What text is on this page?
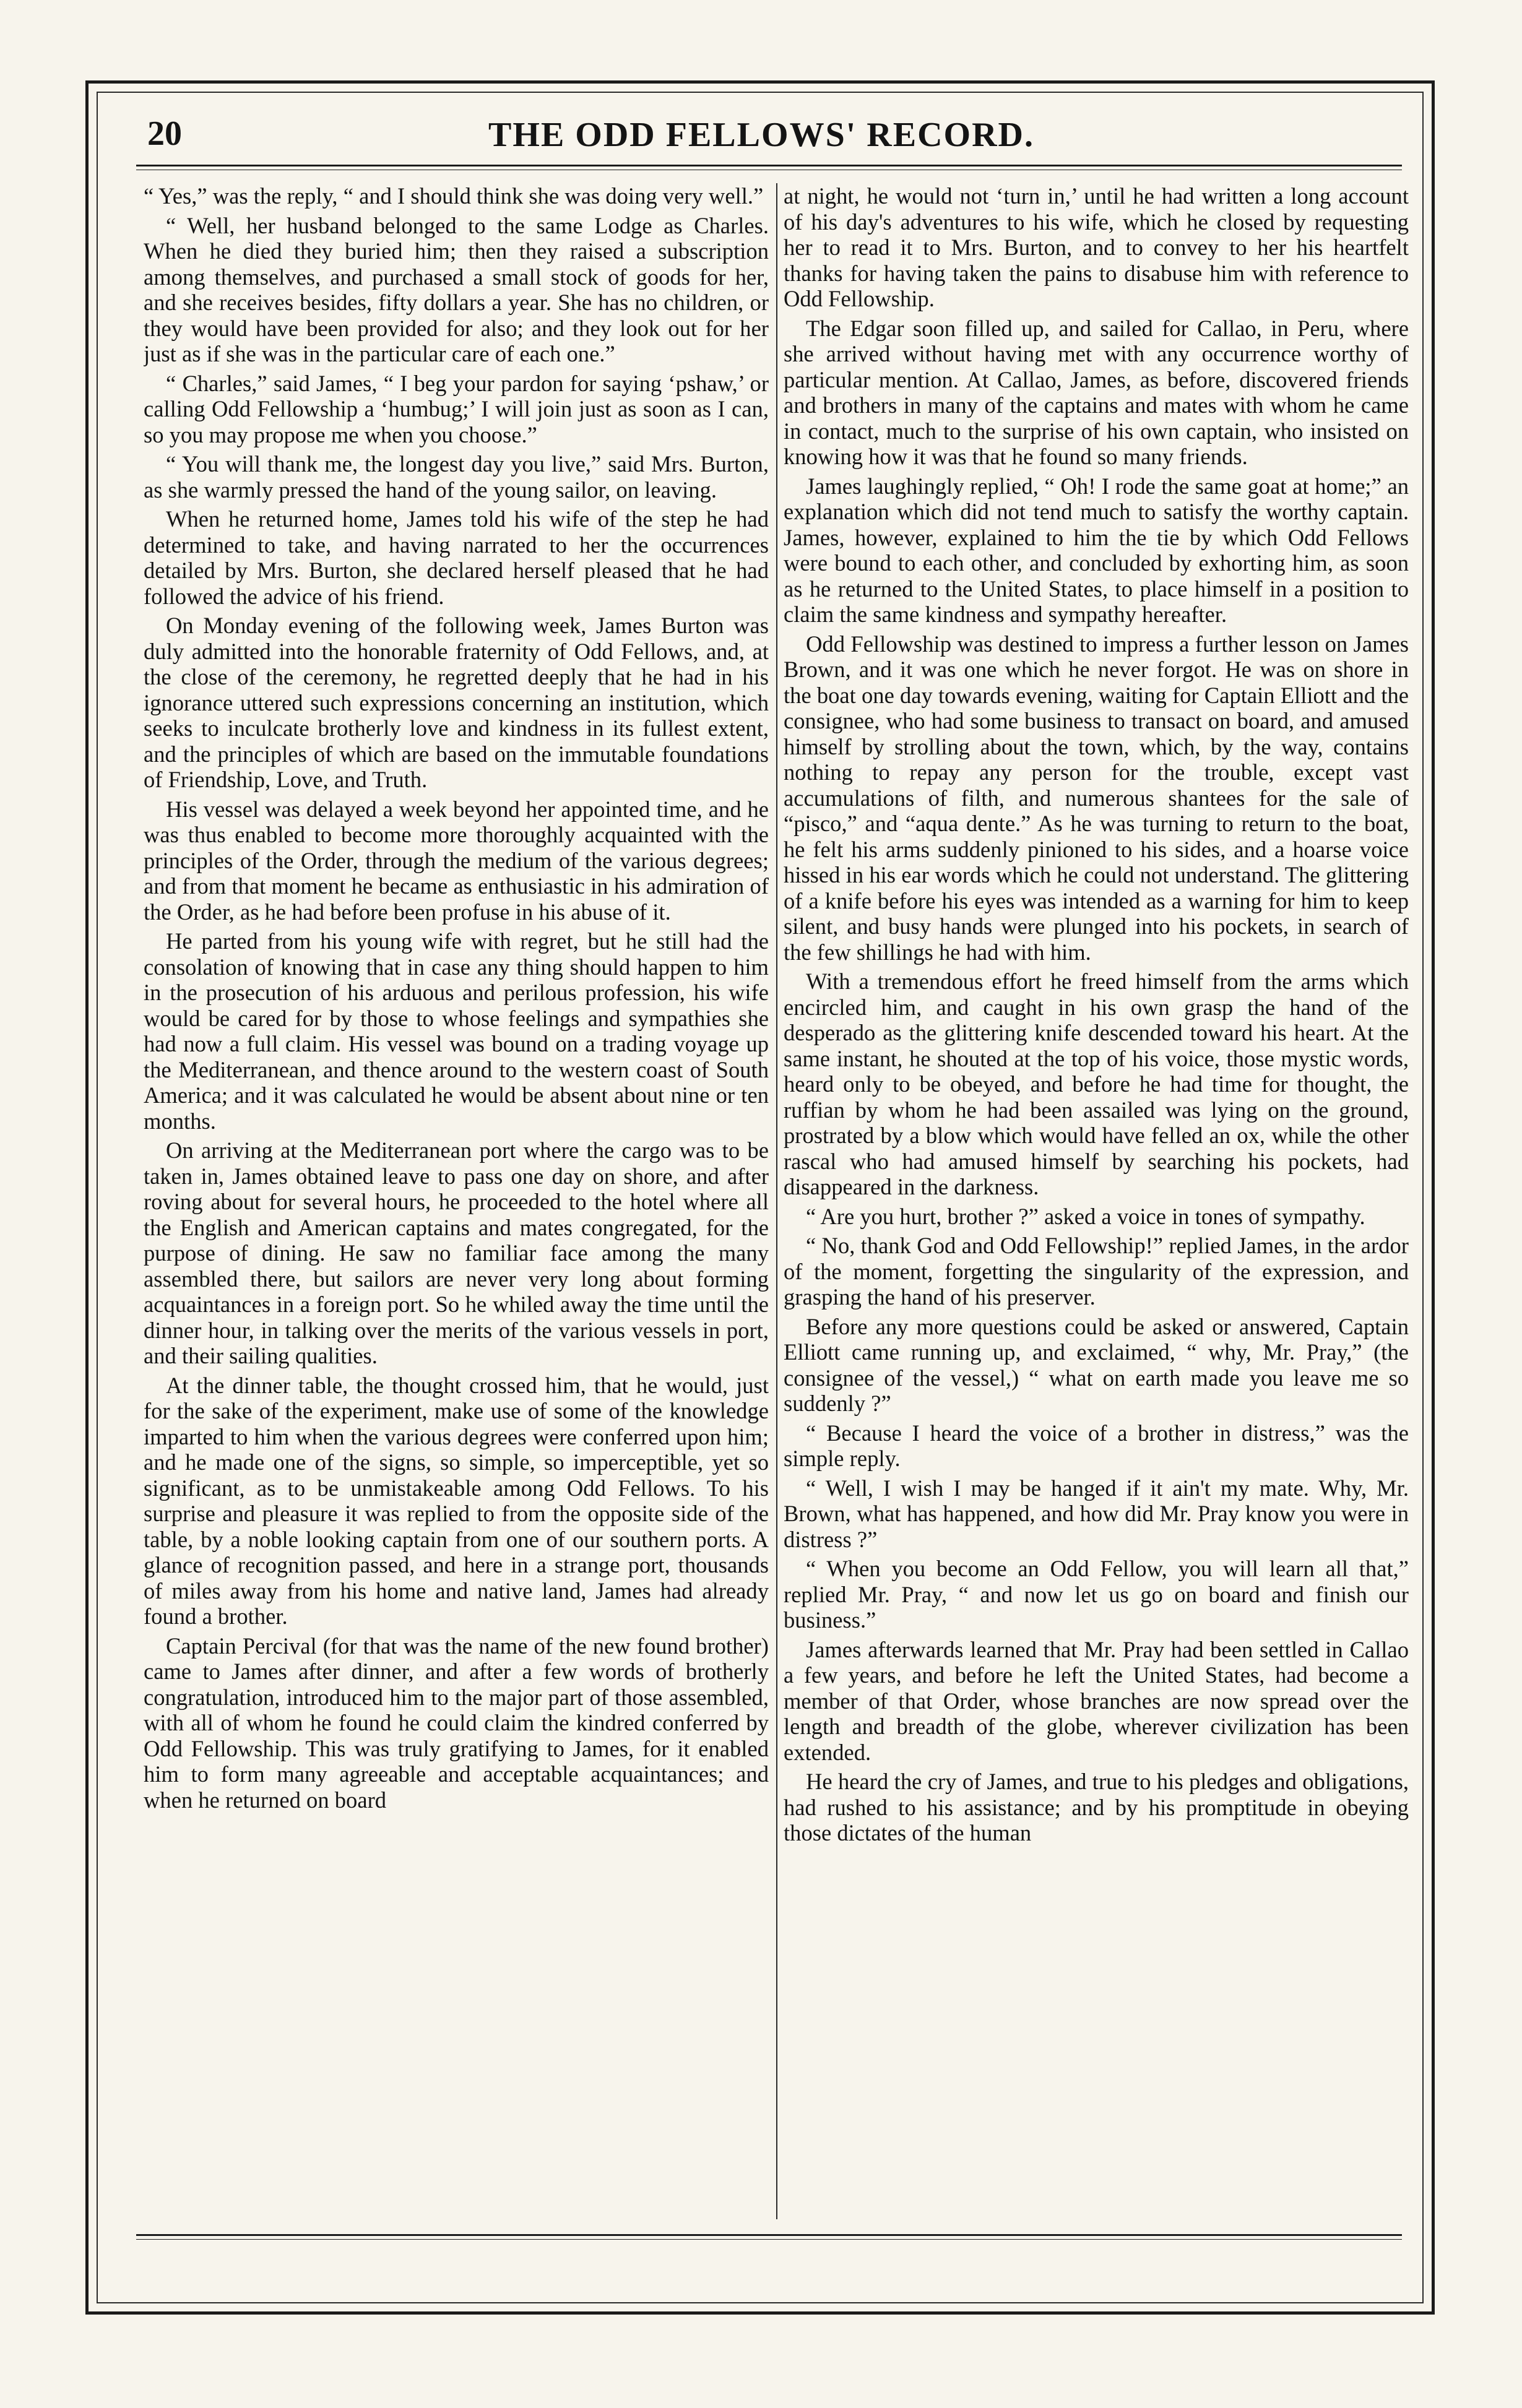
20	THE ODD FELLOWS' RECORD.

“ Yes,” was the reply, “ and I should think she was doing very well.”

“ Well, her husband belonged to the same Lodge as Charles. When he died they buried him; then they raised a subscription among themselves, and purchased a small stock of goods for her, and she receives besides, fifty dollars a year. She has no children, or they would have been provided for also; and they look out for her just as if she was in the particular care of each one.”

“ Charles,” said James, “ I beg your pardon for saying ‘pshaw,’ or calling Odd Fellowship a ‘humbug;’ I will join just as soon as I can, so you may propose me when you choose.”

“ You will thank me, the longest day you live,” said Mrs. Burton, as she warmly pressed the hand of the young sailor, on leaving.

When he returned home, James told his wife of the step he had determined to take, and having narrated to her the occurrences detailed by Mrs. Burton, she declared herself pleased that he had followed the advice of his friend.

On Monday evening of the following week, James Burton was duly admitted into the honorable fraternity of Odd Fellows, and, at the close of the ceremony, he regretted deeply that he had in his ignorance uttered such expressions concerning an institution, which seeks to inculcate brotherly love and kindness in its fullest extent, and the principles of which are based on the immutable foundations of Friendship, Love, and Truth.

His vessel was delayed a week beyond her appointed time, and he was thus enabled to become more thoroughly acquainted with the principles of the Order, through the medium of the various degrees; and from that moment he became as enthusiastic in his admiration of the Order, as he had before been profuse in his abuse of it.

He parted from his young wife with regret, but he still had the consolation of knowing that in case any thing should happen to him in the prosecution of his arduous and perilous profession, his wife would be cared for by those to whose feelings and sympathies she had now a full claim. His vessel was bound on a trading voyage up the Mediterranean, and thence around to the western coast of South America; and it was calculated he would be absent about nine or ten months.

On arriving at the Mediterranean port where the cargo was to be taken in, James obtained leave to pass one day on shore, and after roving about for several hours, he proceeded to the hotel where all the English and American captains and mates congregated, for the purpose of dining. He saw no familiar face among the many assembled there, but sailors are never very long about forming acquaintances in a foreign port. So he whiled away the time until the dinner hour, in talking over the merits of the various vessels in port, and their sailing qualities.

At the dinner table, the thought crossed him, that he would, just for the sake of the experiment, make use of some of the knowledge imparted to him when the various degrees were conferred upon him; and he made one of the signs, so simple, so imperceptible, yet so significant, as to be unmistakeable among Odd Fellows. To his surprise and pleasure it was replied to from the opposite side of the table, by a noble looking captain from one of our southern ports. A glance of recognition passed, and here in a strange port, thousands of miles away from his home and native land, James had already found a brother.

Captain Percival (for that was the name of the new found brother) came to James after dinner, and after a few words of brotherly congratulation, introduced him to the major part of those assembled, with all of whom he found he could claim the kindred conferred by Odd Fellowship. This was truly gratifying to James, for it enabled him to form many agreeable and acceptable acquaintances; and when he returned on board

at night, he would not ‘turn in,’ until he had written a long account of his day's adventures to his wife, which he closed by requesting her to read it to Mrs. Burton, and to convey to her his heartfelt thanks for having taken the pains to disabuse him with reference to Odd Fellowship.

The Edgar soon filled up, and sailed for Callao, in Peru, where she arrived without having met with any occurrence worthy of particular mention. At Callao, James, as before, discovered friends and brothers in many of the captains and mates with whom he came in contact, much to the surprise of his own captain, who insisted on knowing how it was that he found so many friends.

James laughingly replied, “ Oh! I rode the same goat at home;” an explanation which did not tend much to satisfy the worthy captain. James, however, explained to him the tie by which Odd Fellows were bound to each other, and concluded by exhorting him, as soon as he returned to the United States, to place himself in a position to claim the same kindness and sympathy hereafter.

Odd Fellowship was destined to impress a further lesson on James Brown, and it was one which he never forgot. He was on shore in the boat one day towards evening, waiting for Captain Elliott and the consignee, who had some business to transact on board, and amused himself by strolling about the town, which, by the way, contains nothing to repay any person for the trouble, except vast accumulations of filth, and numerous shantees for the sale of “pisco,” and “aqua dente.” As he was turning to return to the boat, he felt his arms suddenly pinioned to his sides, and a hoarse voice hissed in his ear words which he could not understand. The glittering of a knife before his eyes was intended as a warning for him to keep silent, and busy hands were plunged into his pockets, in search of the few shillings he had with him.

With a tremendous effort he freed himself from the arms which encircled him, and caught in his own grasp the hand of the desperado as the glittering knife descended toward his heart. At the same instant, he shouted at the top of his voice, those mystic words, heard only to be obeyed, and before he had time for thought, the ruffian by whom he had been assailed was lying on the ground, prostrated by a blow which would have felled an ox, while the other rascal who had amused himself by searching his pockets, had disappeared in the darkness.

“ Are you hurt, brother ?” asked a voice in tones of sympathy.

“ No, thank God and Odd Fellowship!” replied James, in the ardor of the moment, forgetting the singularity of the expression, and grasping the hand of his preserver.

Before any more questions could be asked or answered, Captain Elliott came running up, and exclaimed, “ why, Mr. Pray,” (the consignee of the vessel,) “ what on earth made you leave me so suddenly ?”

“ Because I heard the voice of a brother in distress,” was the simple reply.

“ Well, I wish I may be hanged if it ain't my mate. Why, Mr. Brown, what has happened, and how did Mr. Pray know you were in distress ?”

“ When you become an Odd Fellow, you will learn all that,” replied Mr. Pray, “ and now let us go on board and finish our business.”

James afterwards learned that Mr. Pray had been settled in Callao a few years, and before he left the United States, had become a member of that Order, whose branches are now spread over the length and breadth of the globe, wherever civilization has been extended.

He heard the cry of James, and true to his pledges and obligations, had rushed to his assistance; and by his promptitude in obeying those dictates of the human
